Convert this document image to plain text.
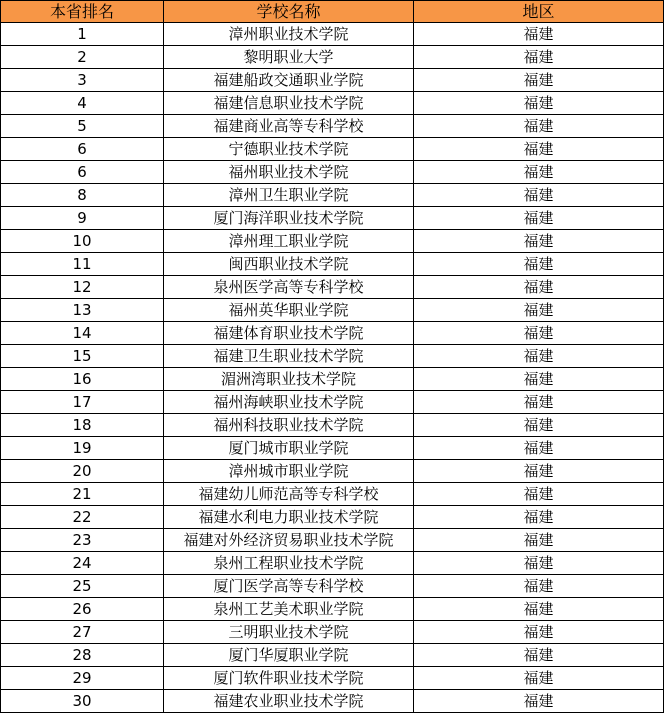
本省排名	学校名称	地区
1	漳州职业技术学院	福建
2	黎明职业大学	福建
3	福建船政交通职业学院	福建
4	福建信息职业技术学院	福建
5	福建商业高等专科学校	福建
6	宁德职业技术学院	福建
6	福州职业技术学院	福建
8	漳州卫生职业学院	福建
9	厦门海洋职业技术学院	福建
10	漳州理工职业学院	福建
11	闽西职业技术学院	福建
12	泉州医学高等专科学校	福建
13	福州英华职业学院	福建
14	福建体育职业技术学院	福建
15	福建卫生职业技术学院	福建
16	湄洲湾职业技术学院	福建
17	福州海峡职业技术学院	福建
18	福州科技职业技术学院	福建
19	厦门城市职业学院	福建
20	漳州城市职业学院	福建
21	福建幼儿师范高等专科学校	福建
22	福建水利电力职业技术学院	福建
23	福建对外经济贸易职业技术学院	福建
24	泉州工程职业技术学院	福建
25	厦门医学高等专科学校	福建
26	泉州工艺美术职业学院	福建
27	三明职业技术学院	福建
28	厦门华厦职业学院	福建
29	厦门软件职业技术学院	福建
30	福建农业职业技术学院	福建
